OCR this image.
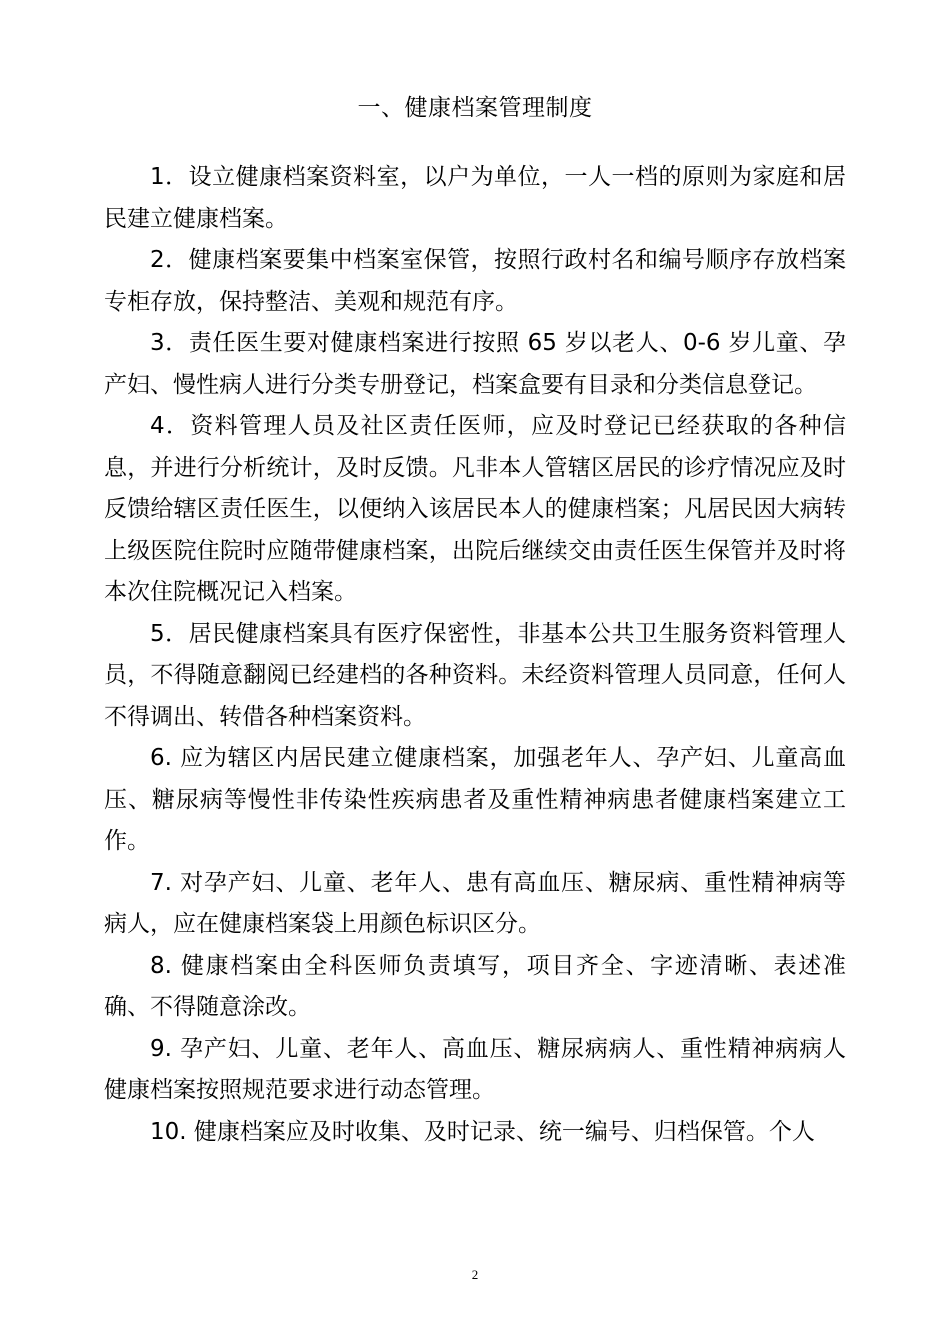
一、健康档案管理制度

1．设立健康档案资料室，以户为单位，一人一档的原则为家庭和居民建立健康档案。

2．健康档案要集中档案室保管，按照行政村名和编号顺序存放档案专柜存放，保持整洁、美观和规范有序。

3．责任医生要对健康档案进行按照 65 岁以老人、0-6 岁儿童、孕产妇、慢性病人进行分类专册登记，档案盒要有目录和分类信息登记。

4．资料管理人员及社区责任医师，应及时登记已经获取的各种信息，并进行分析统计，及时反馈。凡非本人管辖区居民的诊疗情况应及时反馈给辖区责任医生，以便纳入该居民本人的健康档案；凡居民因大病转上级医院住院时应随带健康档案，出院后继续交由责任医生保管并及时将本次住院概况记入档案。

5．居民健康档案具有医疗保密性，非基本公共卫生服务资料管理人员，不得随意翻阅已经建档的各种资料。未经资料管理人员同意，任何人不得调出、转借各种档案资料。

6. 应为辖区内居民建立健康档案，加强老年人、孕产妇、儿童高血压、糖尿病等慢性非传染性疾病患者及重性精神病患者健康档案建立工作。

7. 对孕产妇、儿童、老年人、患有高血压、糖尿病、重性精神病等病人，应在健康档案袋上用颜色标识区分。

8. 健康档案由全科医师负责填写，项目齐全、字迹清晰、表述准确、不得随意涂改。

9. 孕产妇、儿童、老年人、高血压、糖尿病病人、重性精神病病人健康档案按照规范要求进行动态管理。

10. 健康档案应及时收集、及时记录、统一编号、归档保管。个人

2
